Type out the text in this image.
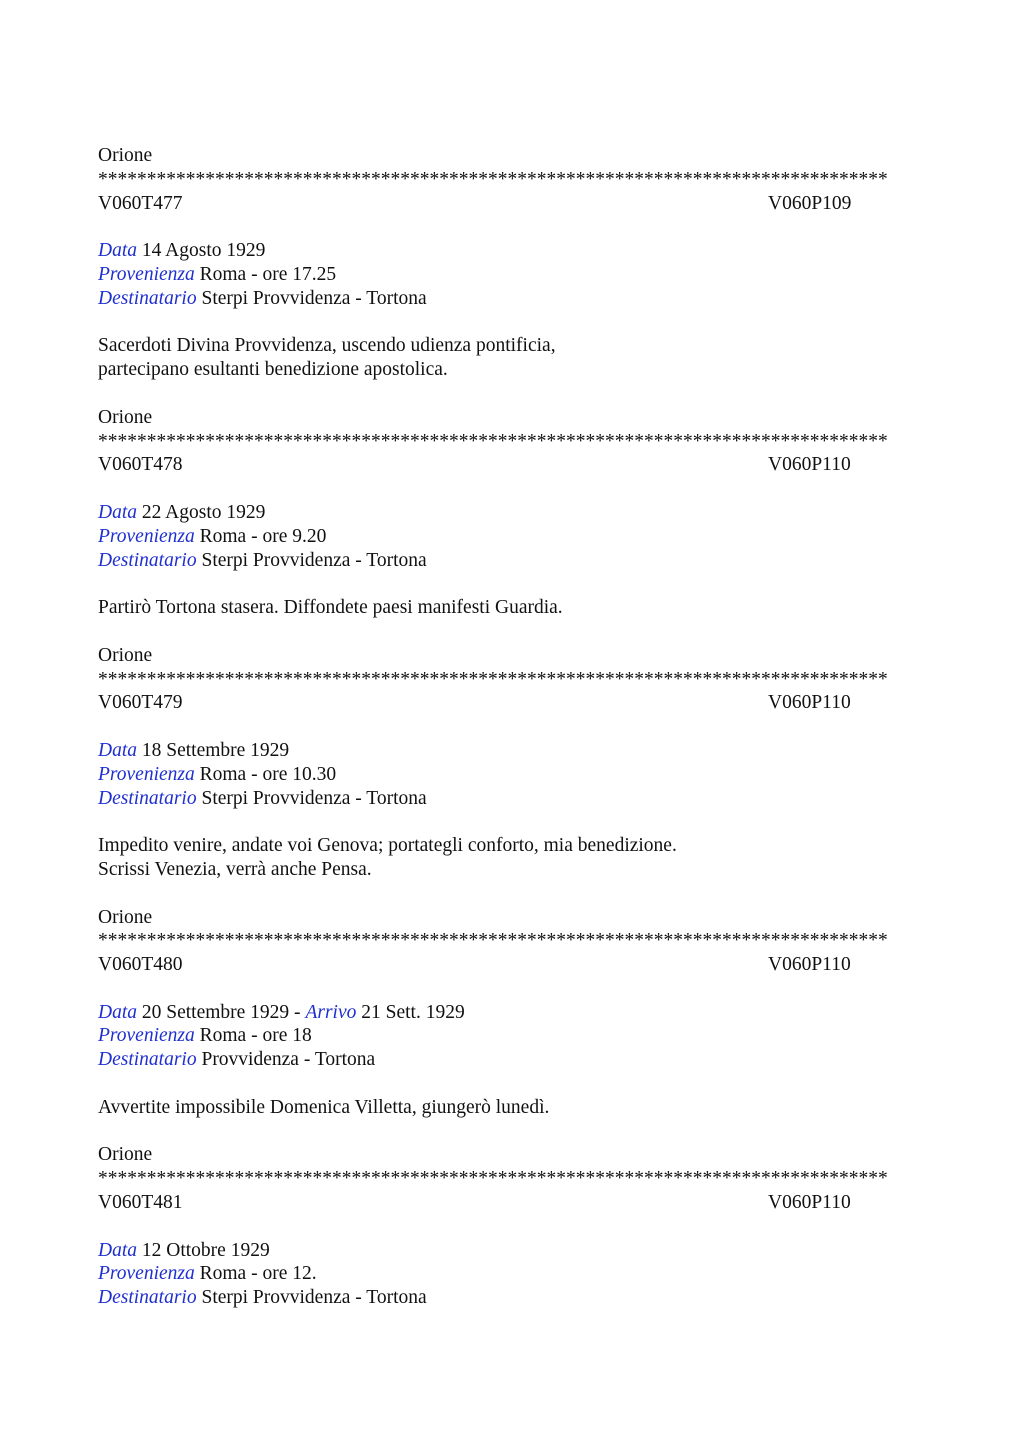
Orione
*********************************************************************************
V060T477	V060P109
Data 14 Agosto 1929
Provenienza Roma - ore 17.25
Destinatario Sterpi Provvidenza - Tortona
Sacerdoti Divina Provvidenza, uscendo udienza pontificia,
partecipano esultanti benedizione apostolica.
Orione
*********************************************************************************
V060T478	V060P110
Data 22 Agosto 1929
Provenienza Roma - ore 9.20
Destinatario Sterpi Provvidenza - Tortona
Partirò Tortona stasera. Diffondete paesi manifesti Guardia.
Orione
*********************************************************************************
V060T479	V060P110
Data 18 Settembre 1929
Provenienza Roma - ore 10.30
Destinatario Sterpi Provvidenza - Tortona
Impedito venire, andate voi Genova; portategli conforto, mia benedizione.
Scrissi Venezia, verrà anche Pensa.
Orione
*********************************************************************************
V060T480	V060P110
Data 20 Settembre 1929 - Arrivo 21 Sett. 1929
Provenienza Roma - ore 18
Destinatario Provvidenza - Tortona
Avvertite impossibile Domenica Villetta, giungerò lunedì.
Orione
*********************************************************************************
V060T481	V060P110
Data 12 Ottobre 1929
Provenienza Roma - ore 12.
Destinatario Sterpi Provvidenza - Tortona
